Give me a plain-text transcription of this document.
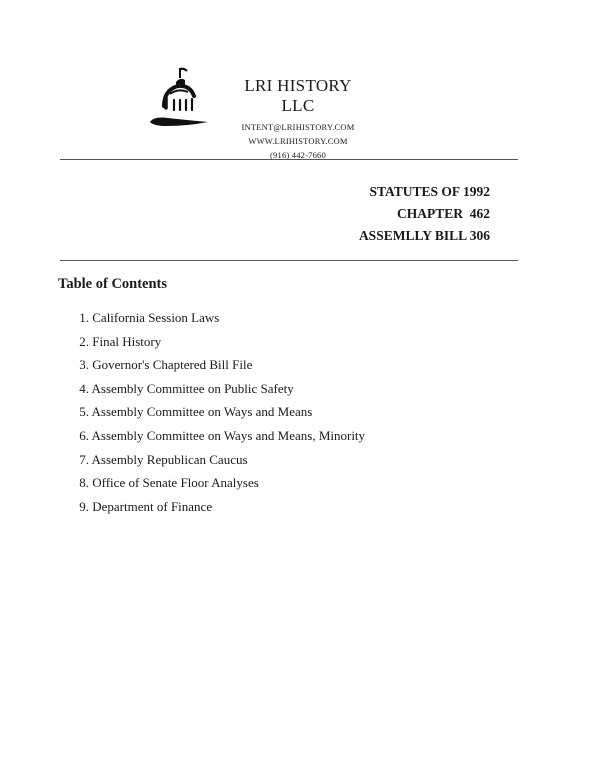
LRI HISTORY LLC
INTENT@LRIHISTORY.COM
WWW.LRIHISTORY.COM
(916) 442-7660
STATUTES OF 1992
CHAPTER  462
ASSEMLLY BILL 306
Table of Contents
1. California Session Laws
2. Final History
3. Governor's Chaptered Bill File
4. Assembly Committee on Public Safety
5. Assembly Committee on Ways and Means
6. Assembly Committee on Ways and Means, Minority
7. Assembly Republican Caucus
8. Office of Senate Floor Analyses
9. Department of Finance
